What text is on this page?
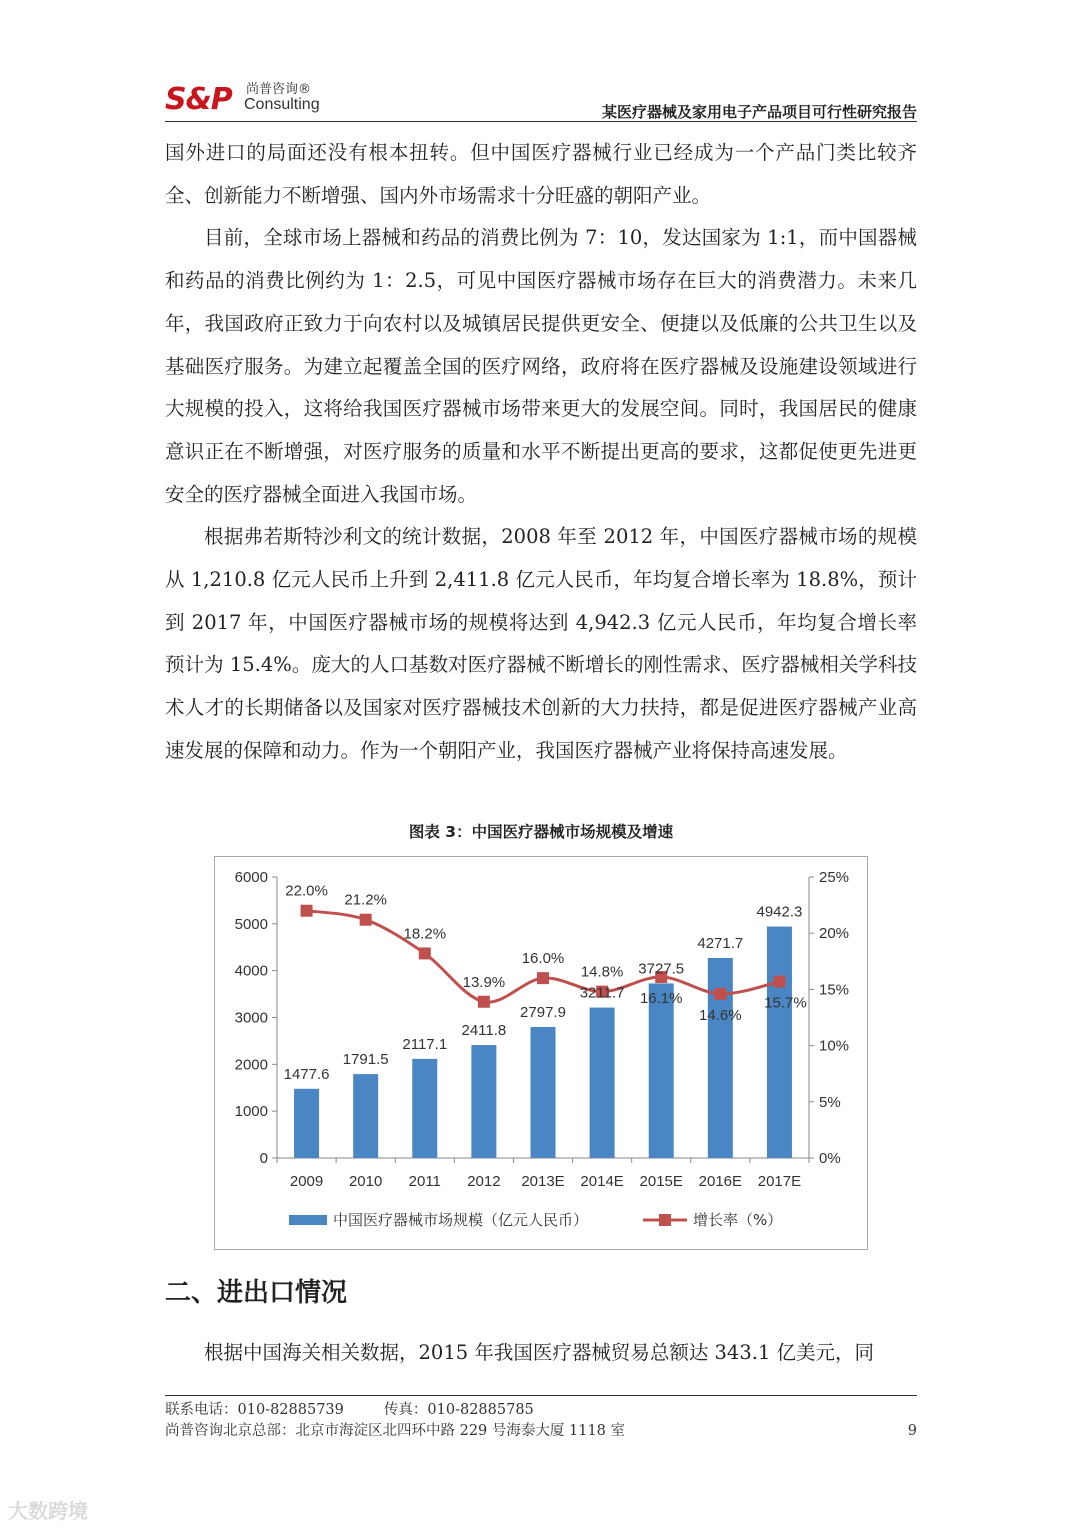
S&P 尚普咨询®
Consulting	某医疗器械及家用电子产品项目可行性研究报告

国外进口的局面还没有根本扭转。但中国医疗器械行业已经成为一个产品门类比较齐全、创新能力不断增强、国内外市场需求十分旺盛的朝阳产业。

目前，全球市场上器械和药品的消费比例为 7：10，发达国家为 1:1，而中国器械和药品的消费比例约为 1：2.5，可见中国医疗器械市场存在巨大的消费潜力。未来几年，我国政府正致力于向农村以及城镇居民提供更安全、便捷以及低廉的公共卫生以及基础医疗服务。为建立起覆盖全国的医疗网络，政府将在医疗器械及设施建设领域进行大规模的投入，这将给我国医疗器械市场带来更大的发展空间。同时，我国居民的健康意识正在不断增强，对医疗服务的质量和水平不断提出更高的要求，这都促使更先进更安全的医疗器械全面进入我国市场。

根据弗若斯特沙利文的统计数据，2008 年至 2012 年，中国医疗器械市场的规模从 1,210.8 亿元人民币上升到 2,411.8 亿元人民币，年均复合增长率为 18.8%，预计到 2017 年，中国医疗器械市场的规模将达到 4,942.3 亿元人民币，年均复合增长率预计为 15.4%。庞大的人口基数对医疗器械不断增长的刚性需求、医疗器械相关学科技术人才的长期储备以及国家对医疗器械技术创新的大力扶持，都是促进医疗器械产业高速发展的保障和动力。作为一个朝阳产业，我国医疗器械产业将保持高速发展。

图表 3：中国医疗器械市场规模及增速
0
1000
2000
3000
4000
5000
6000
0%
5%
10%
15%
20%
25%
2009 2010 2011 2012 2013E 2014E 2015E 2016E 2017E
1477.6
1791.5
2117.1
2411.8
2797.9
3211.7
3727.5
4271.7
4942.3
22.0%
21.2%
18.2%
13.9%
16.0%
14.8%
16.1%
14.6%
15.7%
中国医疗器械市场规模（亿元人民币）	增长率（%）
二、进出口情况
根据中国海关相关数据，2015 年我国医疗器械贸易总额达 343.1 亿美元，同
联系电话：010-82885739	传真：010-82885785
尚普咨询北京总部：北京市海淀区北四环中路 229 号海泰大厦 1118 室	9
大数跨境
